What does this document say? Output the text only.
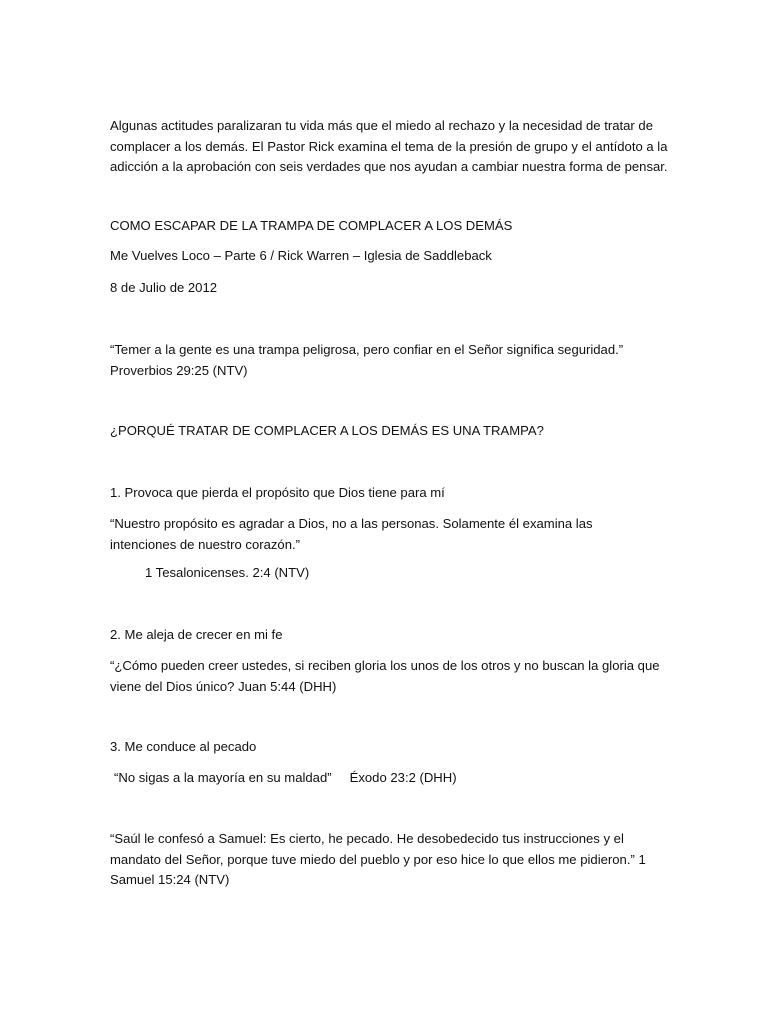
Algunas actitudes paralizaran tu vida más que el miedo al rechazo y la necesidad de tratar de complacer a los demás. El Pastor Rick examina el tema de la presión de grupo y el antídoto a la adicción a la aprobación con seis verdades que nos ayudan a cambiar nuestra forma de pensar.

COMO ESCAPAR DE LA TRAMPA DE COMPLACER A LOS DEMÁS

Me Vuelves Loco – Parte 6 / Rick Warren – Iglesia de Saddleback

8 de Julio de 2012

“Temer a la gente es una trampa peligrosa, pero confiar en el Señor significa seguridad.”
Proverbios 29:25 (NTV)

¿PORQUÉ TRATAR DE COMPLACER A LOS DEMÁS ES UNA TRAMPA?

1. Provoca que pierda el propósito que Dios tiene para mí

“Nuestro propósito es agradar a Dios, no a las personas. Solamente él examina las intenciones de nuestro corazón.”

1 Tesalonicenses. 2:4 (NTV)

2. Me aleja de crecer en mi fe

“¿Cómo pueden creer ustedes, si reciben gloria los unos de los otros y no buscan la gloria que viene del Dios único? Juan 5:44 (DHH)

3. Me conduce al pecado

“No sigas a la mayoría en su maldad” Éxodo 23:2 (DHH)

“Saúl le confesó a Samuel: Es cierto, he pecado. He desobedecido tus instrucciones y el mandato del Señor, porque tuve miedo del pueblo y por eso hice lo que ellos me pidieron.” 1 Samuel 15:24 (NTV)
